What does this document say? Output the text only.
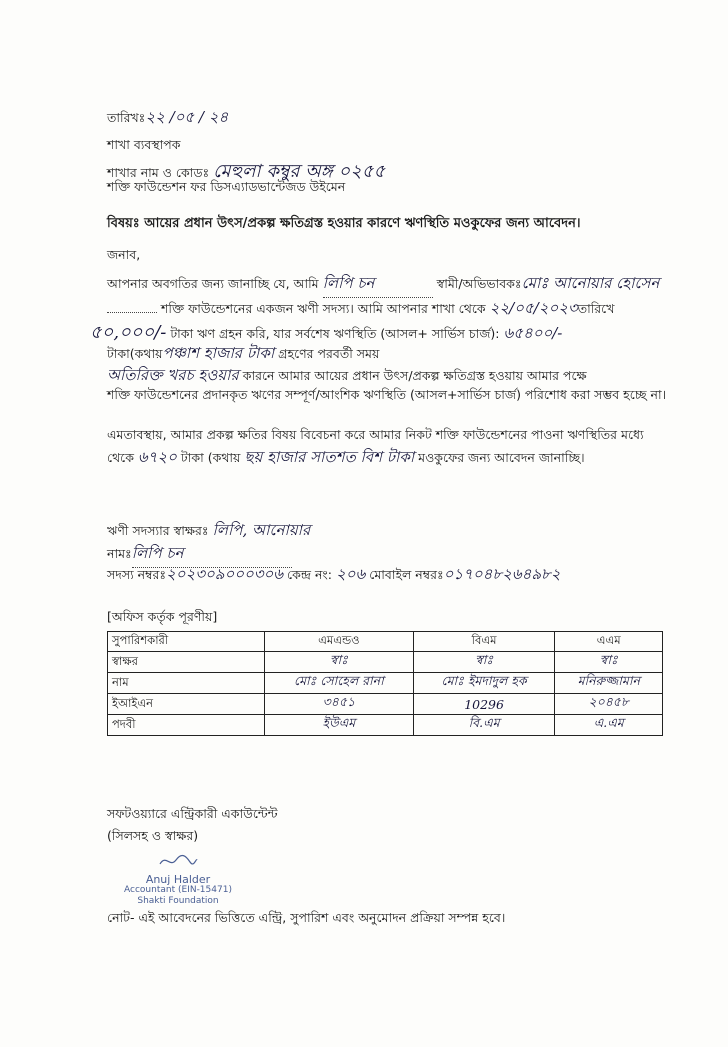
তারিখঃ২২ /০৫ / ২৪
শাখা ব্যবস্থাপক
শাখার নাম ও কোডঃ মেহুলা কম্বুর অঙ্গ ০২৫৫
শক্তি ফাউন্ডেশন ফর ডিসএ্যাডভান্টেজড উইমেন
বিষয়ঃ আয়ের প্রধান উৎস/প্রকল্প ক্ষতিগ্রস্ত হওয়ার কারণে ঋণস্থিতি মওকুফের জন্য আবেদন।
জনাব,
আপনার অবগতির জন্য জানাচ্ছি যে, আমি লিপি চন	স্বামী/অভিভাবকঃমোঃ আনোয়ার হোসেন
শক্তি ফাউন্ডেশনের একজন ঋণী সদস্য। আমি আপনার শাখা থেকে ২২/০৫/২০২৩তারিখে
৫০,০০০/- টাকা ঋণ গ্রহন করি, যার সর্বশেষ ঋণস্থিতি (আসল+ সার্ভিস চার্জ): ৬৫৪০০/-
টাকা(কথায়পঞ্চাশ হাজার টাকা গ্রহণের পরবর্তী সময়
অতিরিক্ত খরচ হওয়ার কারনে আমার আয়ের প্রধান উৎস/প্রকল্প ক্ষতিগ্রস্ত হওয়ায় আমার পক্ষে
শক্তি ফাউন্ডেশনের প্রদানকৃত ঋণের সম্পূর্ণ/আংশিক ঋণস্থিতি (আসল+সার্ভিস চার্জ) পরিশোধ করা সম্ভব হচ্ছে না।
এমতাবস্থায়, আমার প্রকল্প ক্ষতির বিষয় বিবেচনা করে আমার নিকট শক্তি ফাউন্ডেশনের পাওনা ঋণস্থিতির মধ্যে থেকে ৬৭২০ টাকা (কথায় ছয় হাজার সাতশত বিশ টাকা মওকুফের জন্য আবেদন জানাচ্ছি।
ঋণী সদস্যার স্বাক্ষরঃ লিপি, আনোয়ার
নামঃলিপি চন
সদস্য নম্বরঃ২০২৩০৯০০০৩০৬ কেন্দ্র নং: ২০৬ মোবাইল নম্বরঃ০১৭০৪৮২৬৪৯৮২
[অফিস কর্তৃক পূরণীয়]
সুপারিশকারী	এমএন্ডও	বিএম	এএম
স্বাক্ষর	স্বাঃ	স্বাঃ	স্বাঃ
নাম	মোঃ সোহেল রানা	মোঃ ইমদাদুল হক	মনিরুজ্জামান
ইআইএন	৩৪৫১	10296	২০৪৫৮
পদবী	ইউএম	বি.এম	এ.এম
সফটওয়্যারে এন্ট্রিকারী একাউন্টেন্ট
(সিলসহ ও স্বাক্ষর)
Anuj Halder
Accountant (EIN-15471)
Shakti Foundation
নোট- এই আবেদনের ভিত্তিতে এন্ট্রি, সুপারিশ এবং অনুমোদন প্রক্রিয়া সম্পন্ন হবে।
